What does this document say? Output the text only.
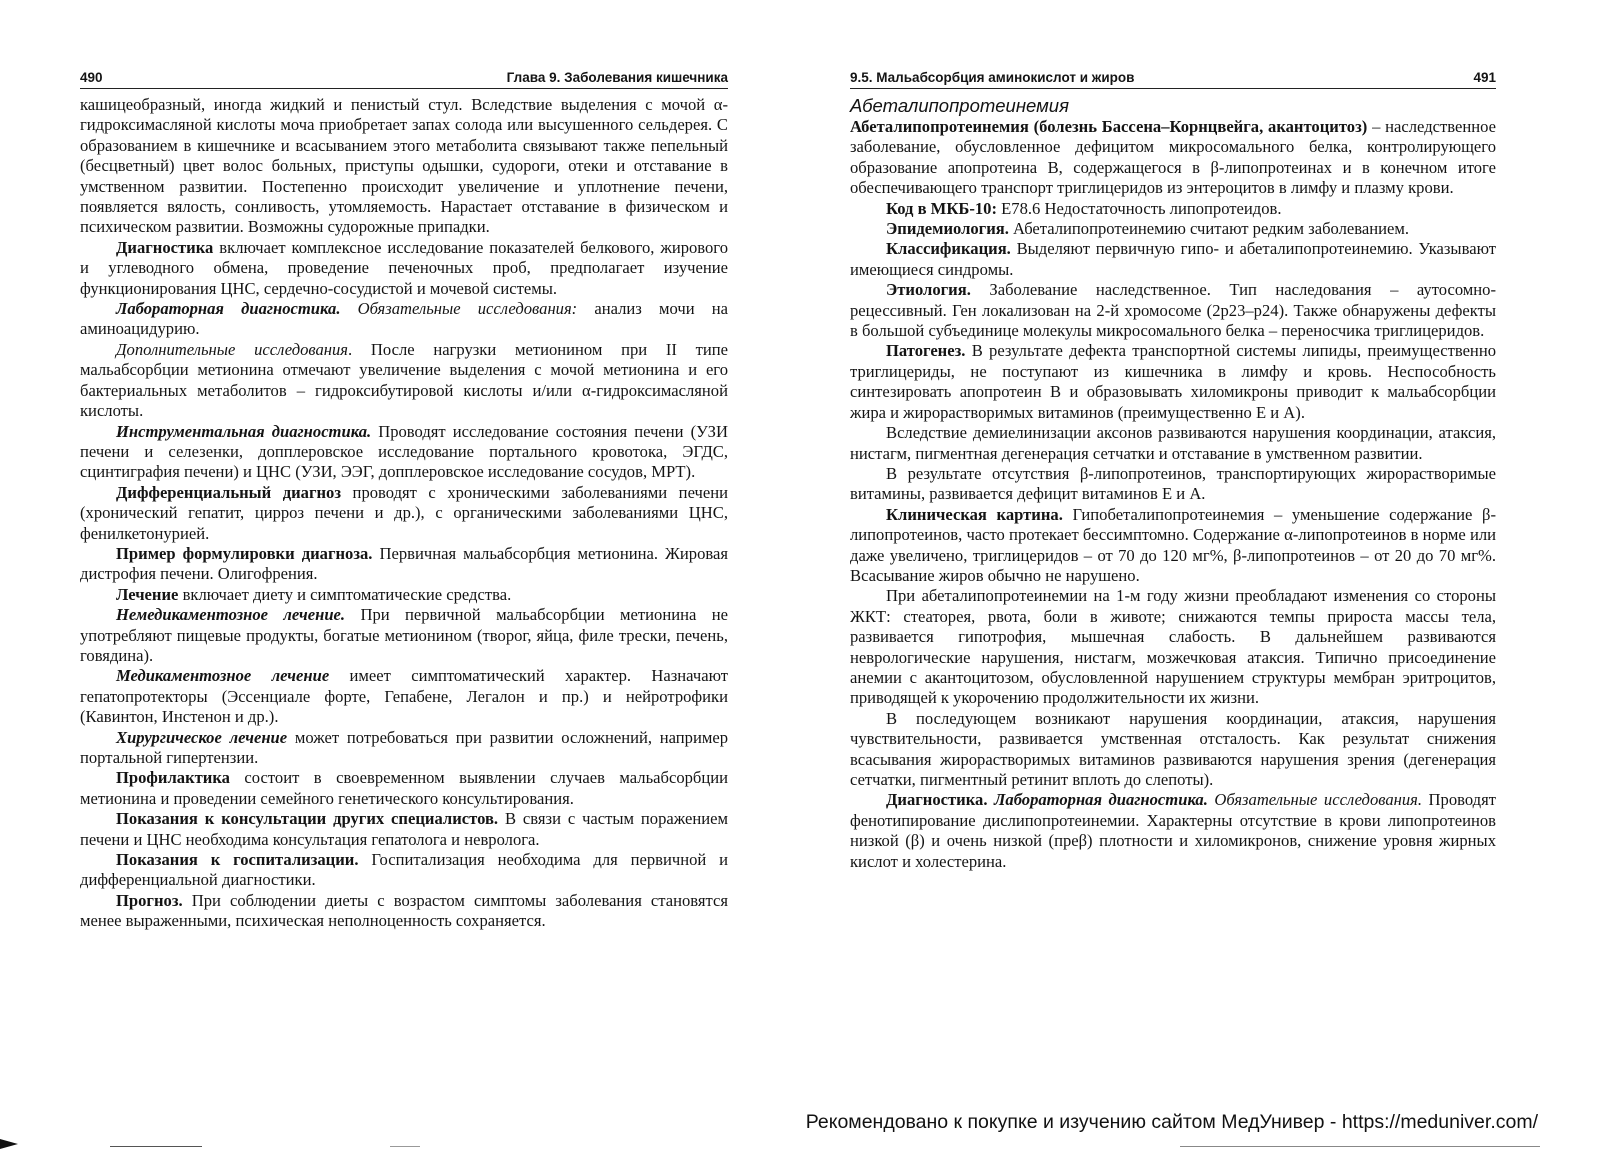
490	Глава 9. Заболевания кишечника

кашицеобразный, иногда жидкий и пенистый стул. Вследствие выделения с мочой α-гидроксимасляной кислоты моча приобретает запах солода или высушенного сельдерея. С образованием в кишечнике и всасыванием этого метаболита связывают также пепельный (бесцветный) цвет волос больных, приступы одышки, судороги, отеки и отставание в умственном развитии. Постепенно происходит увеличение и уплотнение печени, появляется вялость, сонливость, утомляемость. Нарастает отставание в физическом и психическом развитии. Возможны судорожные припадки.

Диагностика включает комплексное исследование показателей белкового, жирового и углеводного обмена, проведение печеночных проб, предполагает изучение функционирования ЦНС, сердечно-сосудистой и мочевой системы.

Лабораторная диагностика. Обязательные исследования: анализ мочи на аминоацидурию.

Дополнительные исследования. После нагрузки метионином при II типе мальабсорбции метионина отмечают увеличение выделения с мочой метионина и его бактериальных метаболитов – гидроксибутировой кислоты и/или α-гидроксимасляной кислоты.

Инструментальная диагностика. Проводят исследование состояния печени (УЗИ печени и селезенки, допплеровское исследование портального кровотока, ЭГДС, сцинтиграфия печени) и ЦНС (УЗИ, ЭЭГ, допплеровское исследование сосудов, МРТ).

Дифференциальный диагноз проводят с хроническими заболеваниями печени (хронический гепатит, цирроз печени и др.), с органическими заболеваниями ЦНС, фенилкетонурией.

Пример формулировки диагноза. Первичная мальабсорбция метионина. Жировая дистрофия печени. Олигофрения.

Лечение включает диету и симптоматические средства.

Немедикаментозное лечение. При первичной мальабсорбции метионина не употребляют пищевые продукты, богатые метионином (творог, яйца, филе трески, печень, говядина).

Медикаментозное лечение имеет симптоматический характер. Назначают гепатопротекторы (Эссенциале форте, Гепабене, Легалон и пр.) и нейротрофики (Кавинтон, Инстенон и др.).

Хирургическое лечение может потребоваться при развитии осложнений, например портальной гипертензии.

Профилактика состоит в своевременном выявлении случаев мальабсорбции метионина и проведении семейного генетического консультирования.

Показания к консультации других специалистов. В связи с частым поражением печени и ЦНС необходима консультация гепатолога и невролога.

Показания к госпитализации. Госпитализация необходима для первичной и дифференциальной диагностики.

Прогноз. При соблюдении диеты с возрастом симптомы заболевания становятся менее выраженными, психическая неполноценность сохраняется.

9.5. Мальабсорбция аминокислот и жиров	491
Абеталипопротеинемия

Абеталипопротеинемия (болезнь Бассена–Корнцвейга, акантоцитоз) – наследственное заболевание, обусловленное дефицитом микросомального белка, контролирующего образование апопротеина В, содержащегося в β-липопротеинах и в конечном итоге обеспечивающего транспорт триглицеридов из энтероцитов в лимфу и плазму крови.

Код в МКБ-10: E78.6 Недостаточность липопротеидов.

Эпидемиология. Абеталипопротеинемию считают редким заболеванием.

Классификация. Выделяют первичную гипо- и абеталипопротеинемию. Указывают имеющиеся синдромы.

Этиология. Заболевание наследственное. Тип наследования – аутосомно-рецессивный. Ген локализован на 2-й хромосоме (2p23–p24). Также обнаружены дефекты в большой субъединице молекулы микросомального белка – переносчика триглицеридов.

Патогенез. В результате дефекта транспортной системы липиды, преимущественно триглицериды, не поступают из кишечника в лимфу и кровь. Неспособность синтезировать апопротеин В и образовывать хиломикроны приводит к мальабсорбции жира и жирорастворимых витаминов (преимущественно Е и А).

Вследствие демиелинизации аксонов развиваются нарушения координации, атаксия, нистагм, пигментная дегенерация сетчатки и отставание в умственном развитии.

В результате отсутствия β-липопротеинов, транспортирующих жирорастворимые витамины, развивается дефицит витаминов Е и А.

Клиническая картина. Гипобеталипопротеинемия – уменьшение содержание β-липопротеинов, часто протекает бессимптомно. Содержание α-липопротеинов в норме или даже увеличено, триглицеридов – от 70 до 120 мг%, β-липопротеинов – от 20 до 70 мг%. Всасывание жиров обычно не нарушено.

При абеталипопротеинемии на 1-м году жизни преобладают изменения со стороны ЖКТ: стеаторея, рвота, боли в животе; снижаются темпы прироста массы тела, развивается гипотрофия, мышечная слабость. В дальнейшем развиваются неврологические нарушения, нистагм, мозжечковая атаксия. Типично присоединение анемии с акантоцитозом, обусловленной нарушением структуры мембран эритроцитов, приводящей к укорочению продолжительности их жизни.

В последующем возникают нарушения координации, атаксия, нарушения чувствительности, развивается умственная отсталость. Как результат снижения всасывания жирорастворимых витаминов развиваются нарушения зрения (дегенерация сетчатки, пигментный ретинит вплоть до слепоты).

Диагностика. Лабораторная диагностика. Обязательные исследования. Проводят фенотипирование дислипопротеинемии. Характерны отсутствие в крови липопротеинов низкой (β) и очень низкой (преβ) плотности и хиломикронов, снижение уровня жирных кислот и холестерина.

Рекомендовано к покупке и изучению сайтом МедУнивер - https://meduniver.com/
